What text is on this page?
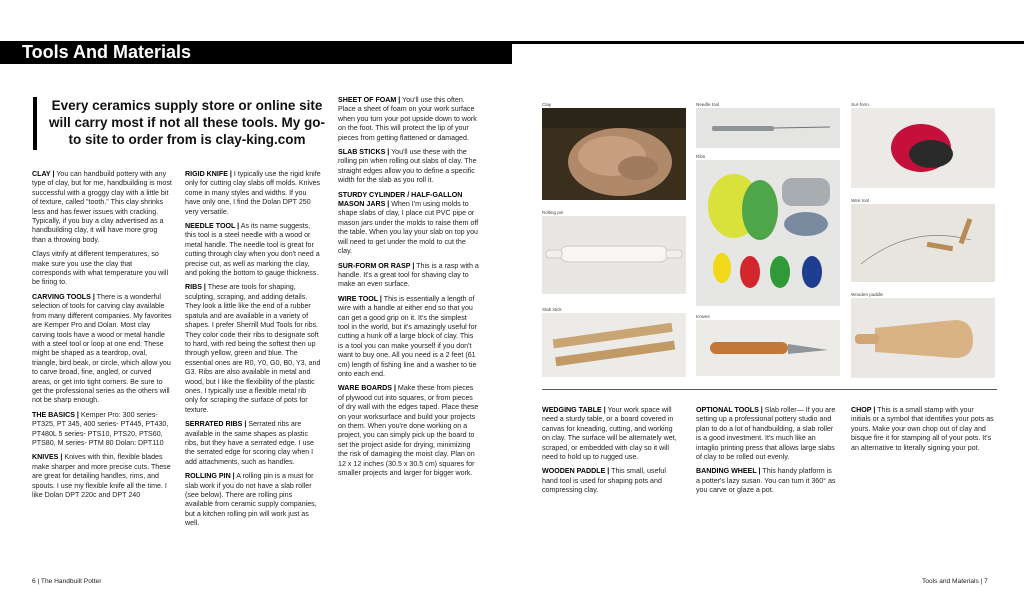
Tools And Materials
Every ceramics supply store or online site will carry most if not all these tools. My go-to site to order from is clay-king.com

CLAY | You can handbuild pottery with any type of clay, but for me, handbuilding is most successful with a groggy clay with a little bit of texture, called "tooth." This clay shrinks less and has fewer issues with cracking. Typically, if you buy a clay advertised as a handbuilding clay, it will have more grog than a throwing body.

Clays vitrify at different temperatures, so make sure you use the clay that corresponds with what temperature you will be firing to.

CARVING TOOLS | There is a wonderful selection of tools for carving clay available from many different companies. My favorites are Kemper Pro and Dolan. Most clay carving tools have a wood or metal handle with a steel tool or loop at one end. These might be shaped as a teardrop, oval, triangle, bird beak, or circle, which allow you to carve broad, fine, angled, or curved areas, or get into tight corners. Be sure to get the professional series as the others will not be sharp enough.

THE BASICS | Kemper Pro: 300 series- PT325, PT 345, 400 series- PT445, PT430, PT480L 5 series- PTS10, PTS20, PTS60, PTS80, M series- PTM 80 Dolan: DPT110

KNIVES | Knives with thin, flexible blades make sharper and more precise cuts. These are great for detailing handles, rims, and spouts. I use my flexible knife all the time. I like Dolan DPT 220c and DPT 240

RIGID KNIFE | I typically use the rigid knife only for cutting clay slabs off molds. Knives come in many styles and widths. If you have only one, I find the Dolan DPT 250 very versatile.

NEEDLE TOOL | As its name suggests, this tool is a steel needle with a wood or metal handle. The needle tool is great for cutting through clay when you don't need a precise cut, as well as marking the clay, and poking the bottom to gauge thickness.

RIBS | These are tools for shaping, sculpting, scraping, and adding details. They look a little like the end of a rubber spatula and are available in a variety of shapes. I prefer Sherrill Mud Tools for ribs. They color code their ribs to designate soft to hard, with red being the softest then up through yellow, green and blue. The essential ones are R0, Y0, G0, B0, Y3, and G3. Ribs are also available in metal and wood, but I like the flexibility of the plastic ones. I typically use a flexible metal rib only for scraping the surface of pots for texture.

SERRATED RIBS | Serrated ribs are available in the same shapes as plastic ribs, but they have a serrated edge. I use the serrated edge for scoring clay when I add attachments, such as handles.

ROLLING PIN | A rolling pin is a must for slab work if you do not have a slab roller (see below). There are rolling pins available from ceramic supply companies, but a kitchen rolling pin will work just as well.

SHEET OF FOAM | You'll use this often. Place a sheet of foam on your work surface when you turn your pot upside down to work on the foot. This will protect the lip of your pieces from getting flattened or damaged.

SLAB STICKS | You'll use these with the rolling pin when rolling out slabs of clay. The straight edges allow you to define a specific width for the slab as you roll it.

STURDY CYLINDER / HALF-GALLON MASON JARS | When I'm using molds to shape slabs of clay, I place cut PVC pipe or mason jars under the molds to raise them off the table. When you lay your slab on top you will need to get under the mold to cut the clay.

SUR-FORM OR RASP | This is a rasp with a handle. It's a great tool for shaving clay to make an even surface.

WIRE TOOL | This is essentially a length of wire with a handle at either end so that you can get a good grip on it. It's the simplest tool in the world, but it's amazingly useful for cutting a hunk off a large block of clay. This is a tool you can make yourself if you don't want to buy one. All you need is a 2 feet (61 cm) length of fishing line and a washer to tie onto each end.

WARE BOARDS | Make these from pieces of plywood cut into squares, or from pieces of dry wall with the edges taped. Place these on your worksurface and build your projects on them. When you're done working on a project, you can simply pick up the board to set the project aside for drying, minimizing the risk of damaging the moist clay. Plan on 12 x 12 inches (30.5 x 30.5 cm) squares for smaller projects and larger for bigger work.

6 | The Handbuilt Potter
Clay
Rolling pin
Slab stick
Needle tool
Ribs
Knives
Sur-form
Wire tool
Wooden paddle

WEDGING TABLE | Your work space will need a sturdy table, or a board covered in canvas for kneading, cutting, and working on clay. The surface will be alternately wet, scraped, or embedded with clay so it will need to hold up to rugged use.

WOODEN PADDLE | This small, useful hand tool is used for shaping pots and compressing clay.

OPTIONAL TOOLS | Slab roller— If you are setting up a professional pottery studio and plan to do a lot of handbuilding, a slab roller is a good investment. It's much like an intaglio printing press that allows large slabs of clay to be rolled out evenly.

BANDING WHEEL | This handy platform is a potter's lazy susan. You can turn it 360° as you carve or glaze a pot.

CHOP | This is a small stamp with your initials or a symbol that identifies your pots as yours. Make your own chop out of clay and bisque fire it for stamping all of your pots. It's an alternative to literally signing your pot.

Tools and Materials | 7
